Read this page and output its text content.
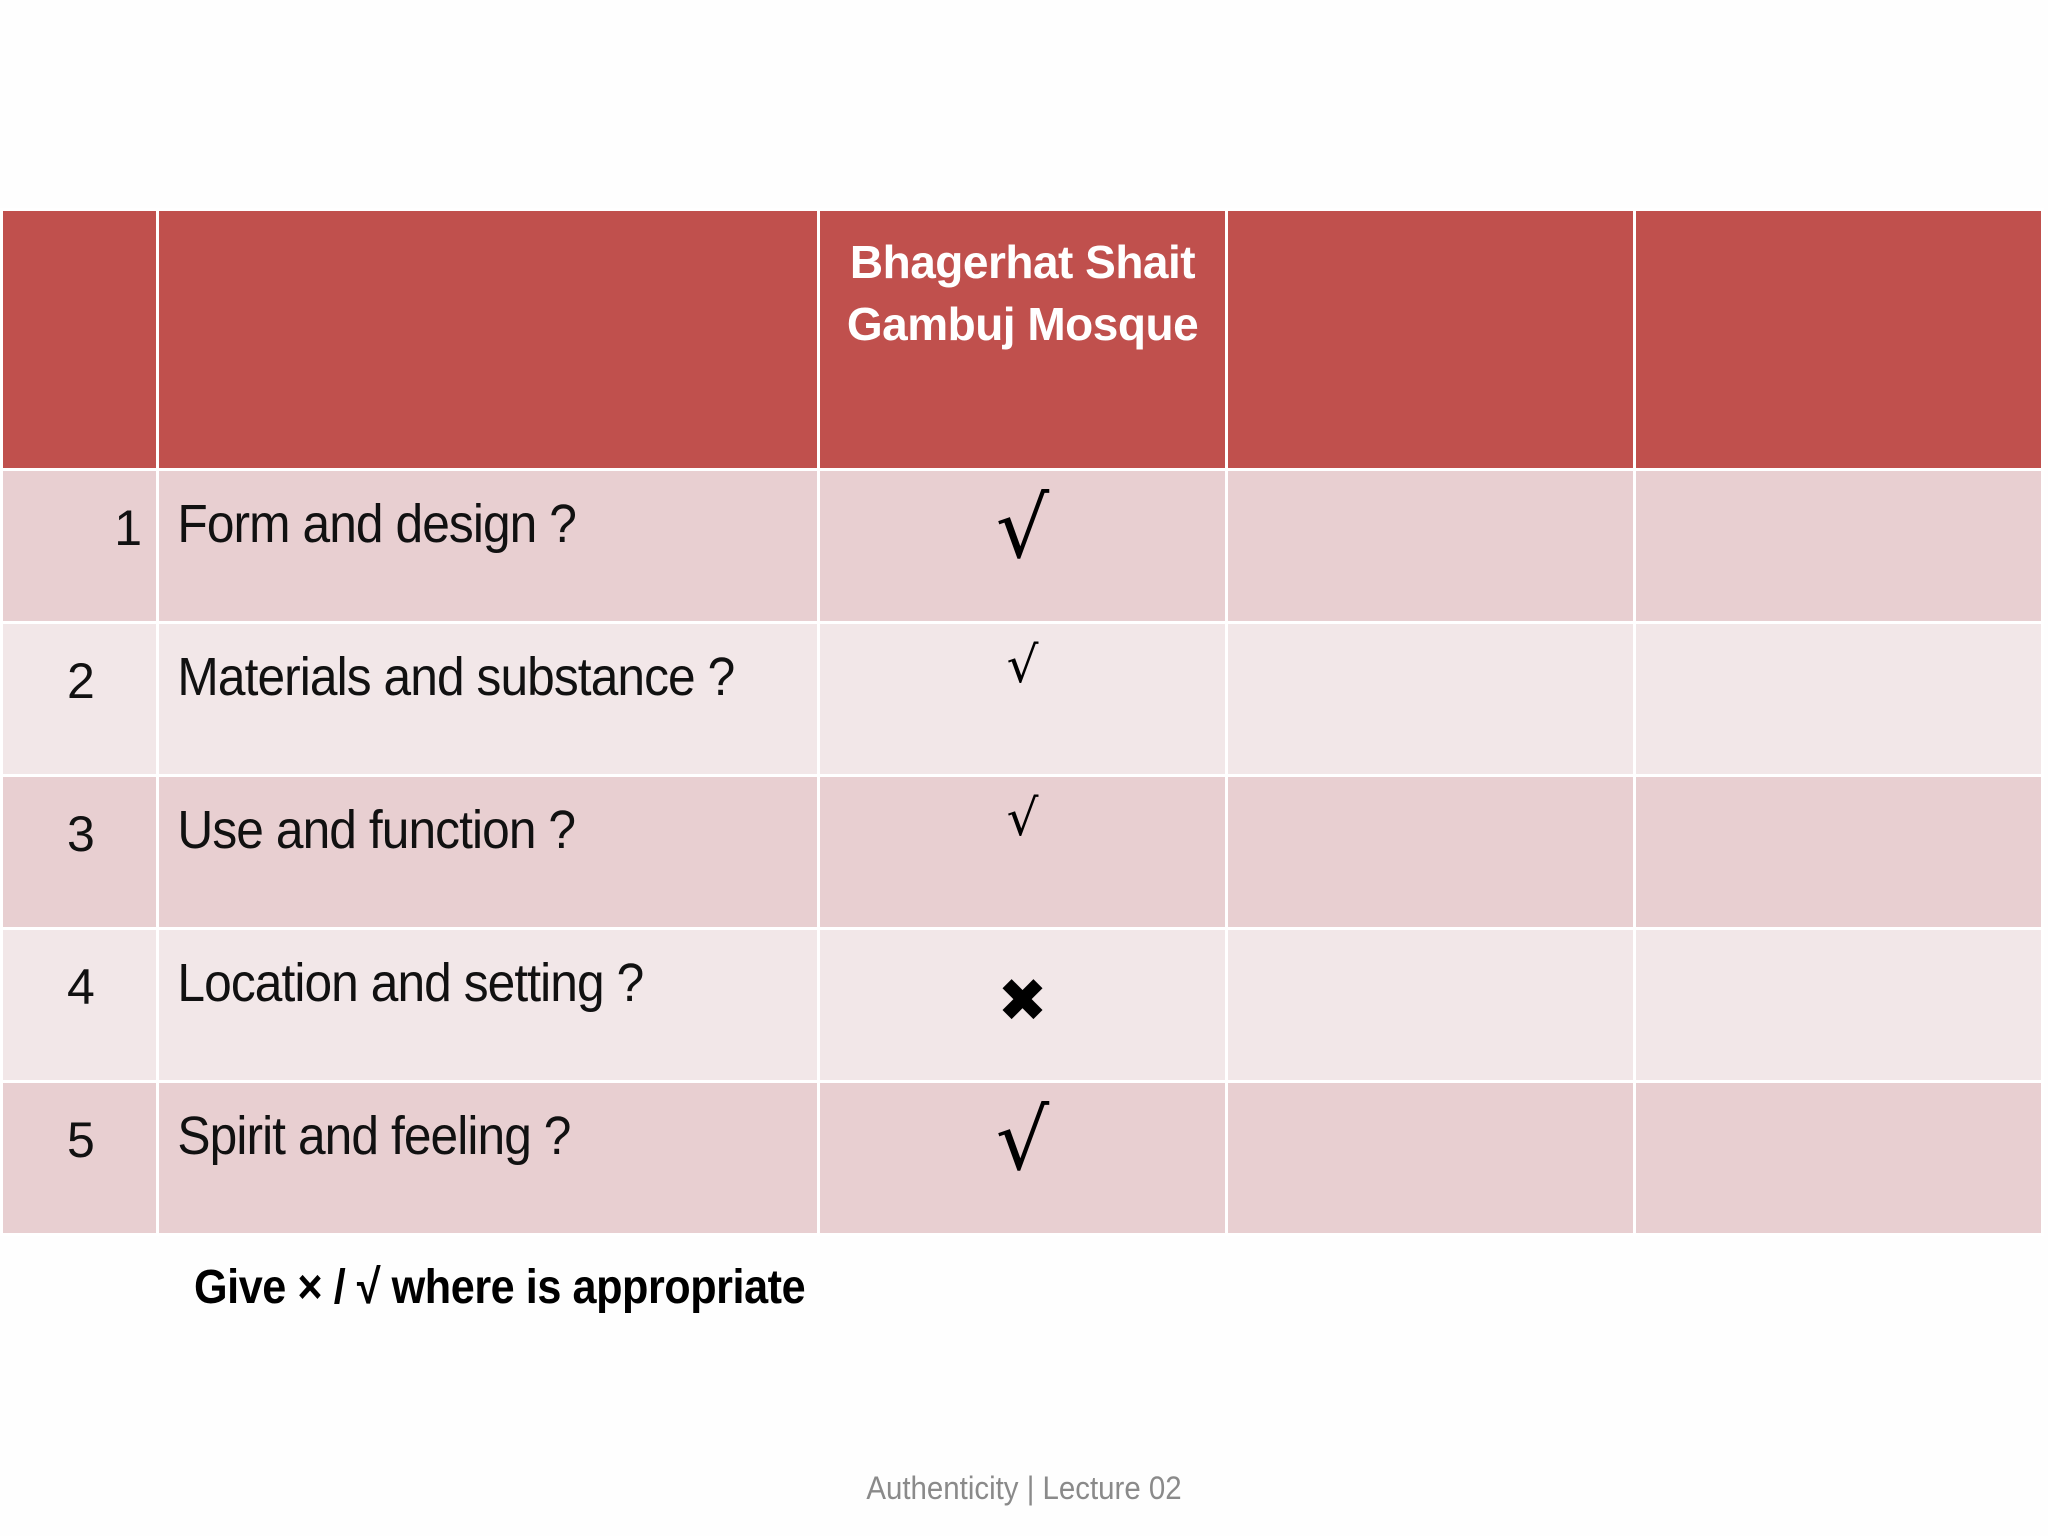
		Bhagerhat Shait
Gambuj Mosque		

1	Form and design ?	√		

2	Materials and substance ?	√		

3	Use and function ?	√		

4	Location and setting ?	✖		

5	Spirit and feeling ?	√		

Give × / √ where is appropriate
Authenticity | Lecture 02
